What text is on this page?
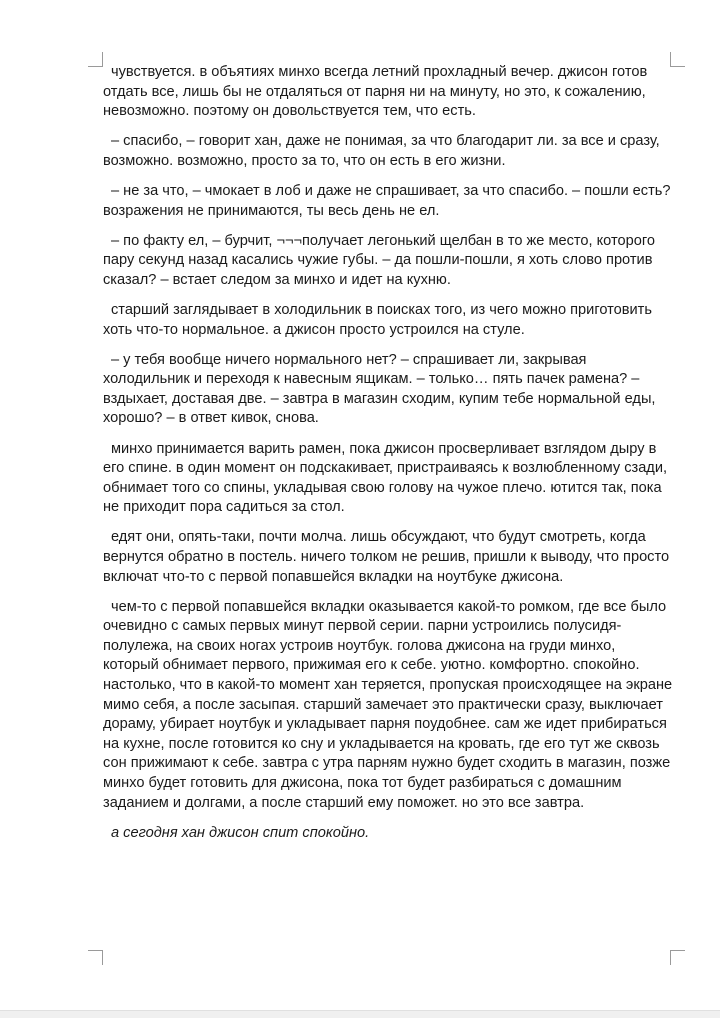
чувствуется. в объятиях минхо всегда летний прохладный вечер. джисон готов отдать все, лишь бы не отдаляться от парня ни на минуту, но это, к сожалению, невозможно. поэтому он довольствуется тем, что есть.

– спасибо, – говорит хан, даже не понимая, за что благодарит ли. за все и сразу, возможно. возможно, просто за то, что он есть в его жизни.

– не за что, – чмокает в лоб и даже не спрашивает, за что спасибо. – пошли есть? возражения не принимаются, ты весь день не ел.

– по факту ел, – бурчит, ¬¬¬получает легонький щелбан в то же место, которого пару секунд назад касались чужие губы. – да пошли-пошли, я хоть слово против сказал? – встает следом за минхо и идет на кухню.

старший заглядывает в холодильник в поисках того, из чего можно приготовить хоть что-то нормальное. а джисон просто устроился на стуле.

– у тебя вообще ничего нормального нет? – спрашивает ли, закрывая холодильник и переходя к навесным ящикам. – только… пять пачек рамена? – вздыхает, доставая две. – завтра в магазин сходим, купим тебе нормальной еды, хорошо? – в ответ кивок, снова.

минхо принимается варить рамен, пока джисон просверливает взглядом дыру в его спине. в один момент он подскакивает, пристраиваясь к возлюбленному сзади, обнимает того со спины, укладывая свою голову на чужое плечо. ютится так, пока не приходит пора садиться за стол.

едят они, опять-таки, почти молча. лишь обсуждают, что будут смотреть, когда вернутся обратно в постель. ничего толком не решив, пришли к выводу, что просто включат что-то с первой попавшейся вкладки на ноутбуке джисона.

чем-то с первой попавшейся вкладки оказывается какой-то ромком, где все было очевидно с самых первых минут первой серии. парни устроились полусидя-полулежа, на своих ногах устроив ноутбук. голова джисона на груди минхо, который обнимает первого, прижимая его к себе. уютно. комфортно. спокойно. настолько, что в какой-то момент хан теряется, пропуская происходящее на экране мимо себя, а после засыпая. старший замечает это практически сразу, выключает дораму, убирает ноутбук и укладывает парня поудобнее. сам же идет прибираться на кухне, после готовится ко сну и укладывается на кровать, где его тут же сквозь сон прижимают к себе. завтра с утра парням нужно будет сходить в магазин, позже минхо будет готовить для джисона, пока тот будет разбираться с домашним заданием и долгами, а после старший ему поможет. но это все завтра.

а сегодня хан джисон спит спокойно.
